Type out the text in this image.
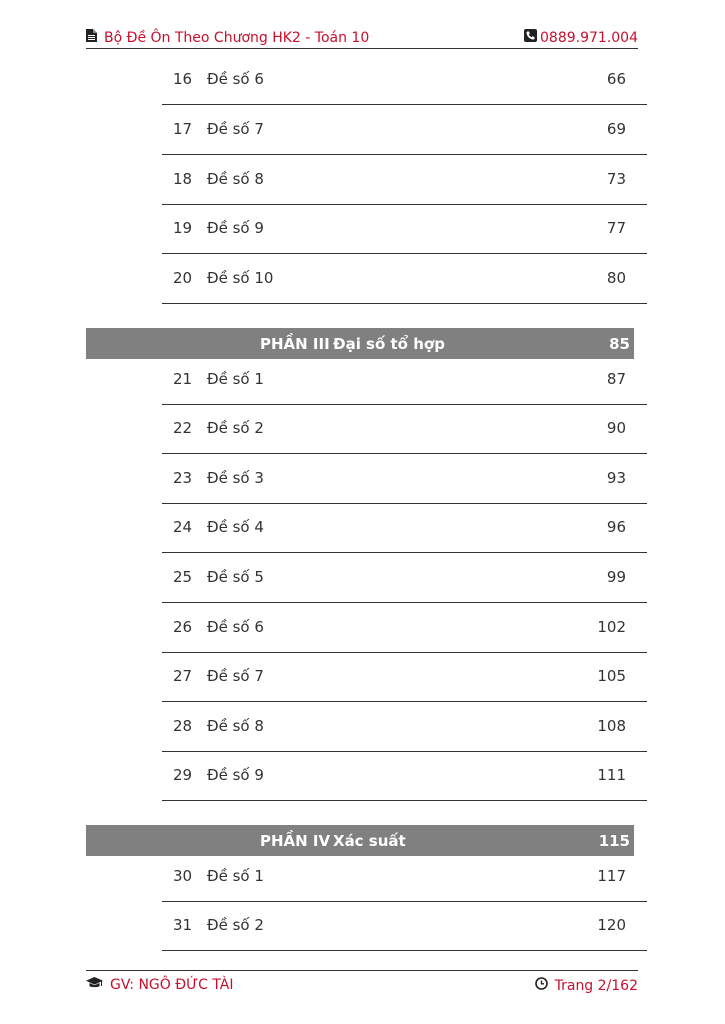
Bộ Đề Ôn Theo Chương HK2 - Toán 10	0889.971.004
16 Đề số 6	66
17 Đề số 7	69
18 Đề số 8	73
19 Đề số 9	77
20 Đề số 10	80
PHẦN III Đại số tổ hợp	85
21 Đề số 1	87
22 Đề số 2	90
23 Đề số 3	93
24 Đề số 4	96
25 Đề số 5	99
26 Đề số 6	102
27 Đề số 7	105
28 Đề số 8	108
29 Đề số 9	111
PHẦN IV Xác suất	115
30 Đề số 1	117
31 Đề số 2	120
GV: NGÔ ĐỨC TÀI	Trang 2/162
